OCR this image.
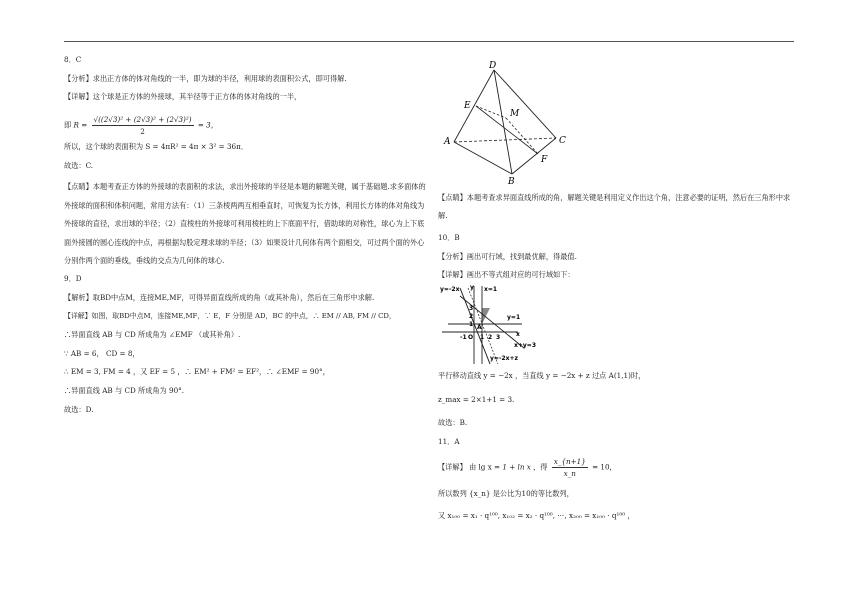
8．C
【分析】求出正方体的体对角线的一半，即为球的半径，利用球的表面积公式，即可得解.
【详解】这个球是正方体的外接球，其半径等于正方体的体对角线的一半，
即 $R = \frac{\text{√((2√3)² + (2√3)² + (2√3)²)}}{2} = 3$，
所以，这个球的表面积为 S = 4πR² = 4π × 3² = 36π．
故选：C.
【点睛】本题考查正方体的外接球的表面积的求法，求出外接球的半径是本题的解题关键，属于基础题.求多面体的外接球的面积和体积问题，常用方法有：（1）三条棱两两互相垂直时，可恢复为长方体，利用长方体的体对角线为外接球的直径，求出球的半径；（2）直棱柱的外接球可利用棱柱的上下底面平行，借助球的对称性，球心为上下底面外接圆的圆心连线的中点，再根据勾股定理求球的半径；（3）如果设计几何体有两个面相交，可过两个面的外心分别作两个面的垂线，垂线的交点为几何体的球心.
9．D
【解析】取BD中点M，连接ME,MF，可得异面直线所成的角（或其补角），然后在三角形中求解.
【详解】如图，取BD中点M，连接ME,MF，∵ E，F 分别是 AD，BC 的中点，∴ EM // AB, FM // CD，
∴异面直线 AB 与 CD 所成角为 ∠EMF （或其补角）.
∵ AB = 6， CD = 8，
∴ EM = 3, FM = 4 ，又 EF = 5 ，∴ EM² + FM² = EF²，∴ ∠EMF = 90°，
∴异面直线 AB 与 CD 所成角为 90°.
故选：D.
D
E
M
A	C
F
B
【点睛】本题考查求异面直线所成的角，解题关键是利用定义作出这个角，注意必要的证明，然后在三角形中求解.
10．B
【分析】画出可行域，找到最优解，得最值.
【详解】画出不等式组对应的可行域如下：
y=-2x	x=1
y
y=1
A
x
O 1 2 3
3
2
1
-1
x+y=3
y=-2x+z
平行移动直线 y = −2x ，当直线 y = −2x + z 过点 A(1,1)时，
z_max = 2×1+1 = 3.
故选：B.
11．A
【详解】 由 lg x = 1 + ln x ，得 $\frac{x\_\{n+1\}}{x\_n} = 10$，
所以数列 {x_n} 是公比为10的等比数列，
又 x₁₀₀ = x₁ · q¹⁰⁰, x₁₀₂ = x₂ · q¹⁰⁰, ⋯, x₂₀₀ = x₁₀₀ · q¹⁰⁰ ，
